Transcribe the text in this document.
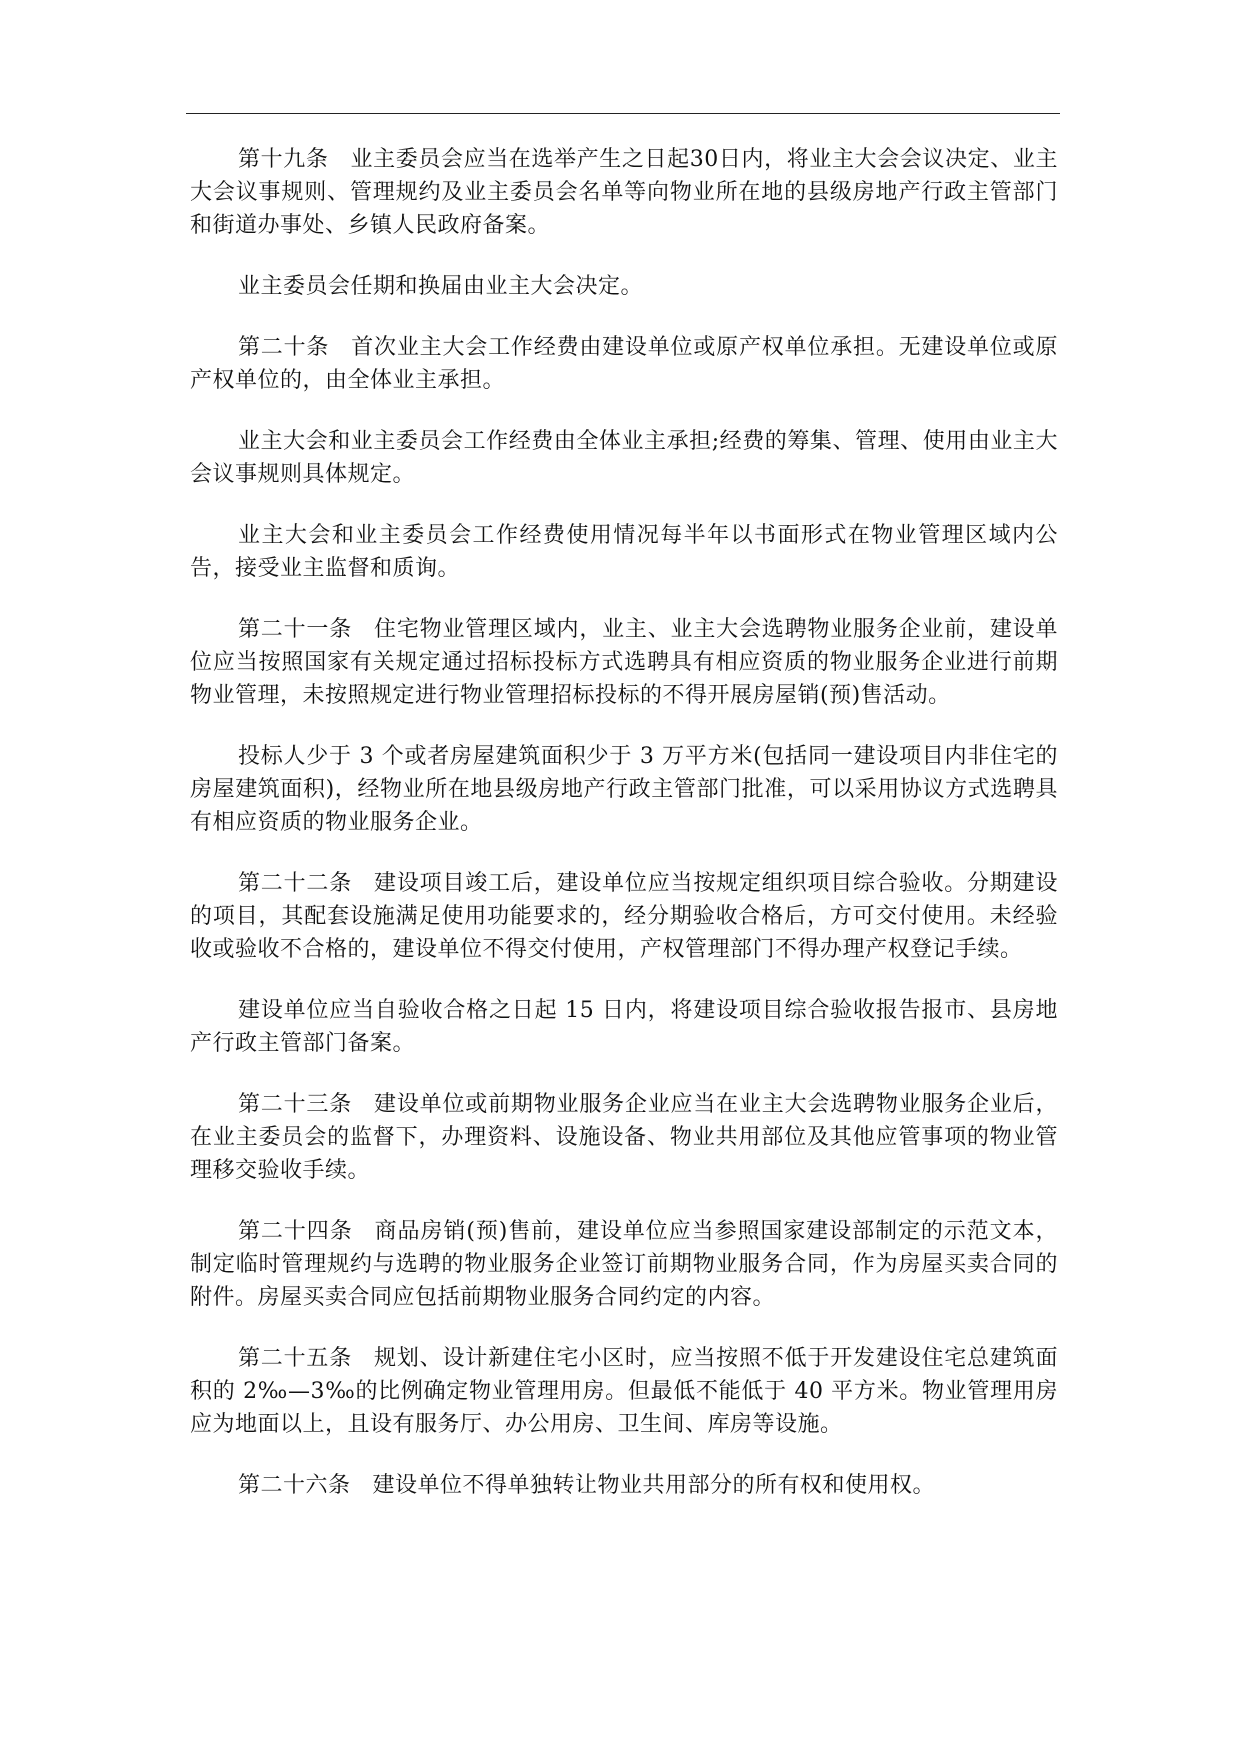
第十九条 业主委员会应当在选举产生之日起30日内，将业主大会会议决定、业主大会议事规则、管理规约及业主委员会名单等向物业所在地的县级房地产行政主管部门和街道办事处、乡镇人民政府备案。

业主委员会任期和换届由业主大会决定。

第二十条 首次业主大会工作经费由建设单位或原产权单位承担。无建设单位或原产权单位的，由全体业主承担。

业主大会和业主委员会工作经费由全体业主承担;经费的筹集、管理、使用由业主大会议事规则具体规定。

业主大会和业主委员会工作经费使用情况每半年以书面形式在物业管理区域内公告，接受业主监督和质询。

第二十一条 住宅物业管理区域内，业主、业主大会选聘物业服务企业前，建设单位应当按照国家有关规定通过招标投标方式选聘具有相应资质的物业服务企业进行前期物业管理，未按照规定进行物业管理招标投标的不得开展房屋销(预)售活动。

投标人少于 3 个或者房屋建筑面积少于 3 万平方米(包括同一建设项目内非住宅的房屋建筑面积)，经物业所在地县级房地产行政主管部门批准，可以采用协议方式选聘具有相应资质的物业服务企业。

第二十二条 建设项目竣工后，建设单位应当按规定组织项目综合验收。分期建设的项目，其配套设施满足使用功能要求的，经分期验收合格后，方可交付使用。未经验收或验收不合格的，建设单位不得交付使用，产权管理部门不得办理产权登记手续。

建设单位应当自验收合格之日起 15 日内，将建设项目综合验收报告报市、县房地产行政主管部门备案。

第二十三条 建设单位或前期物业服务企业应当在业主大会选聘物业服务企业后，在业主委员会的监督下，办理资料、设施设备、物业共用部位及其他应管事项的物业管理移交验收手续。

第二十四条 商品房销(预)售前，建设单位应当参照国家建设部制定的示范文本，制定临时管理规约与选聘的物业服务企业签订前期物业服务合同，作为房屋买卖合同的附件。房屋买卖合同应包括前期物业服务合同约定的内容。

第二十五条 规划、设计新建住宅小区时，应当按照不低于开发建设住宅总建筑面积的 2‰—3‰的比例确定物业管理用房。但最低不能低于 40 平方米。物业管理用房应为地面以上，且设有服务厅、办公用房、卫生间、库房等设施。

第二十六条 建设单位不得单独转让物业共用部分的所有权和使用权。
